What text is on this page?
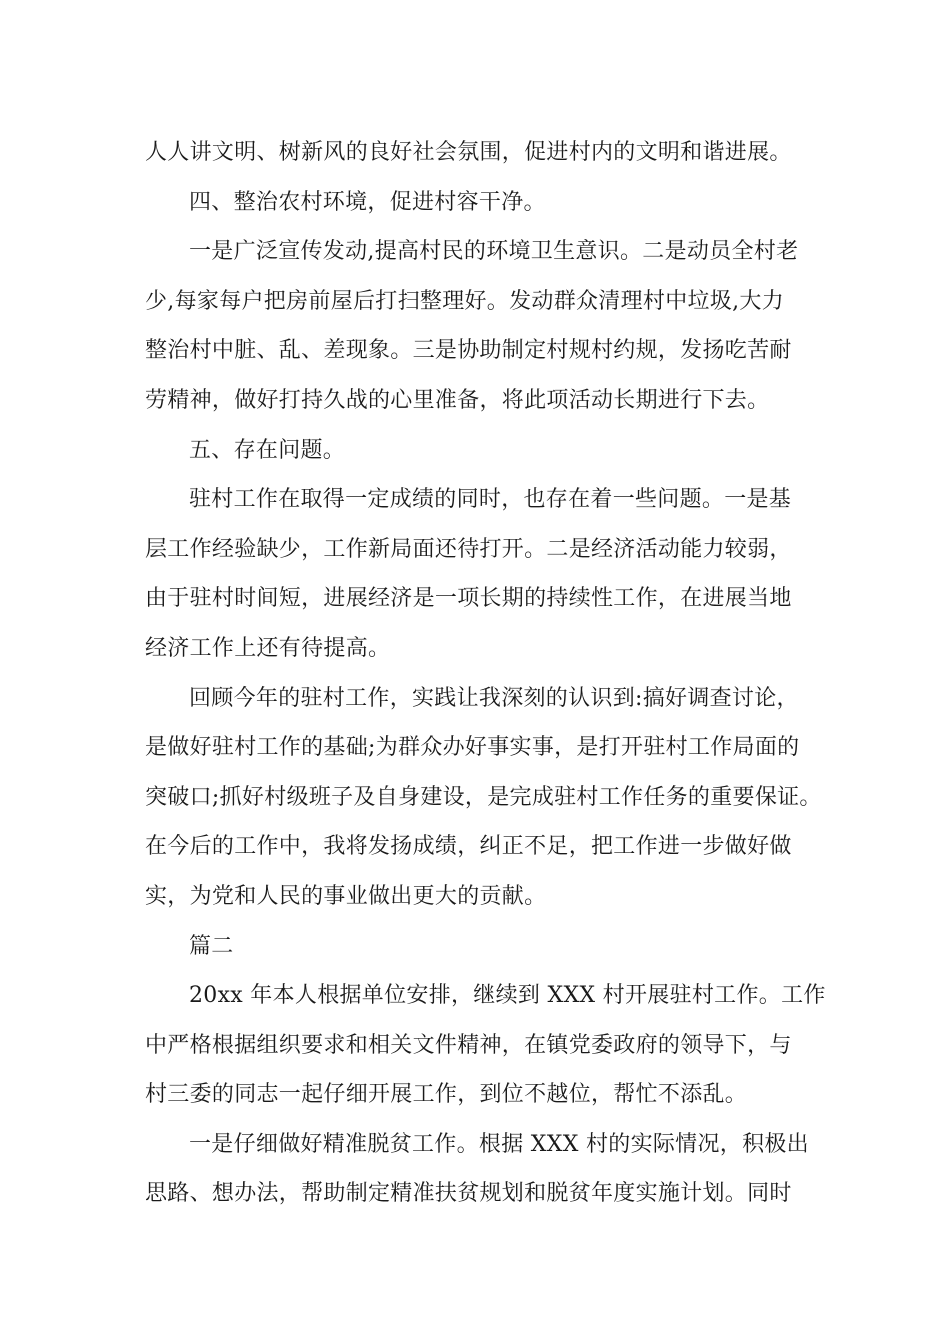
人人讲文明、树新风的良好社会氛围，促进村内的文明和谐进展。

四、整治农村环境，促进村容干净。

一是广泛宣传发动,提高村民的环境卫生意识。二是动员全村老

少,每家每户把房前屋后打扫整理好。发动群众清理村中垃圾,大力

整治村中脏、乱、差现象。三是协助制定村规村约规，发扬吃苦耐

劳精神，做好打持久战的心里准备，将此项活动长期进行下去。

五、存在问题。

驻村工作在取得一定成绩的同时，也存在着一些问题。一是基

层工作经验缺少，工作新局面还待打开。二是经济活动能力较弱，

由于驻村时间短，进展经济是一项长期的持续性工作，在进展当地

经济工作上还有待提高。

回顾今年的驻村工作，实践让我深刻的认识到:搞好调查讨论，

是做好驻村工作的基础;为群众办好事实事，是打开驻村工作局面的

突破口;抓好村级班子及自身建设，是完成驻村工作任务的重要保证。

在今后的工作中，我将发扬成绩，纠正不足，把工作进一步做好做

实，为党和人民的事业做出更大的贡献。

篇二

20xx 年本人根据单位安排，继续到 XXX 村开展驻村工作。工作

中严格根据组织要求和相关文件精神，在镇党委政府的领导下，与

村三委的同志一起仔细开展工作，到位不越位，帮忙不添乱。

一是仔细做好精准脱贫工作。根据 XXX 村的实际情况，积极出

思路、想办法，帮助制定精准扶贫规划和脱贫年度实施计划。同时
